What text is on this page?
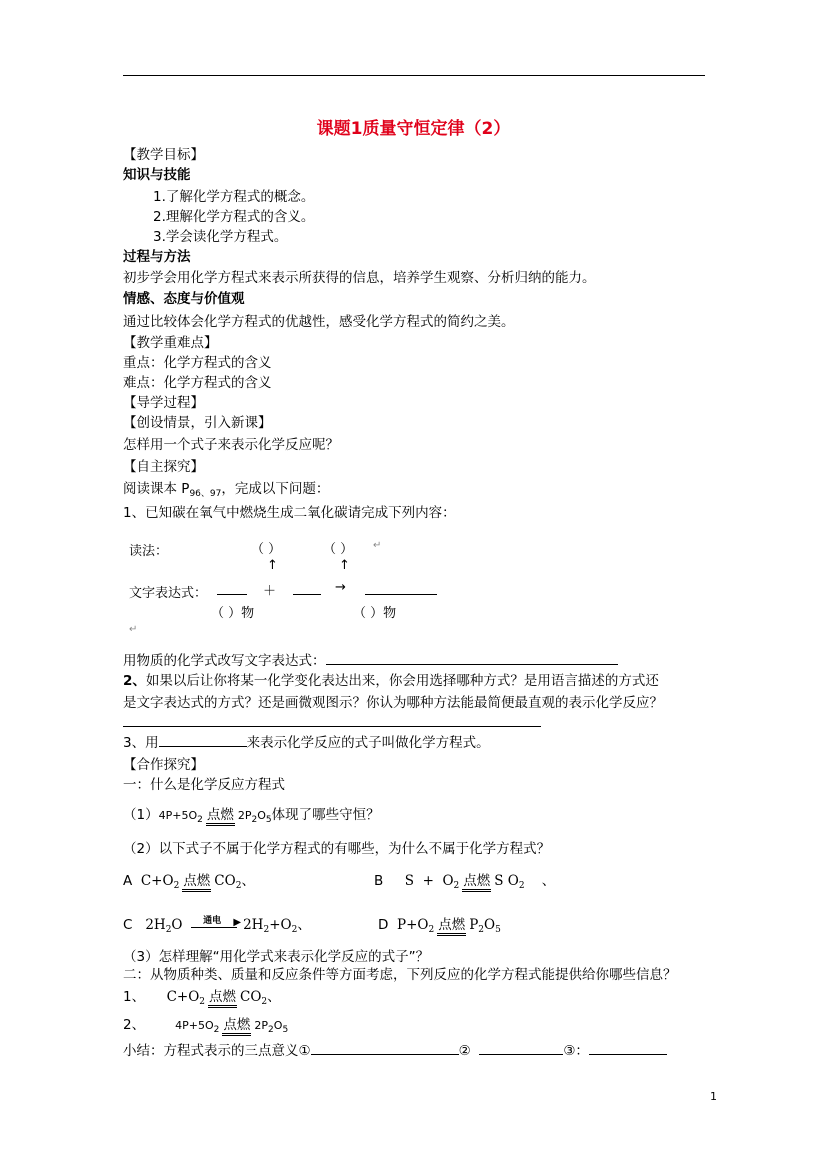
课题1质量守恒定律（2）
【教学目标】
知识与技能
1.了解化学方程式的概念。
2.理解化学方程式的含义。
3.学会读化学方程式。
过程与方法
初步学会用化学方程式来表示所获得的信息，培养学生观察、分析归纳的能力。
情感、态度与价值观
通过比较体会化学方程式的优越性，感受化学方程式的简约之美。
【教学重难点】
重点：化学方程式的含义
难点：化学方程式的含义
【导学过程】
【创设情景，引入新课】
怎样用一个式子来表示化学反应呢？
【自主探究】
阅读课本 $P_{96、97}$，完成以下问题：
1、已知碳在氧气中燃烧生成二氧化碳请完成下列内容：
读法：	（ ）	（ ） ↵
↑	↑
文字表达式：	＋	→
（ ）物	（ ）物
↵
用物质的化学式改写文字表达式：
2、如果以后让你将某一化学变化表达出来，你会用选择哪种方式？是用语言描述的方式还
是文字表达式的方式？还是画微观图示？你认为哪种方法能最简便最直观的表示化学反应？
3、用	来表示化学反应的式子叫做化学方程式。
【合作探究】
一：什么是化学反应方程式
$(1)4P+5O_2$ 点燃 $2P_2O_5$体现了哪些守恒？
（2）以下式子不属于化学方程式的有哪些，为什么不属于化学方程式？
A $C+O_2$ 点燃 $CO_2$、	B $S + O_2$ 点燃 S $O_2$    、
C $2H_2O$ 通电 ▶ $2H_2+O_2$、	D $P+O_2$ 点燃 $P_2O_5$
（3）怎样理解“用化学式来表示化学反应的式子”？
二：从物质种类、质量和反应条件等方面考虑，下列反应的化学方程式能提供给你哪些信息？
1、 $C+O_2$ 点燃 $CO_2$、
2、	$4P+5O_2$ 点燃 $2P_2O_5$
小结：方程式表示的三点意义①	②	③：
1
